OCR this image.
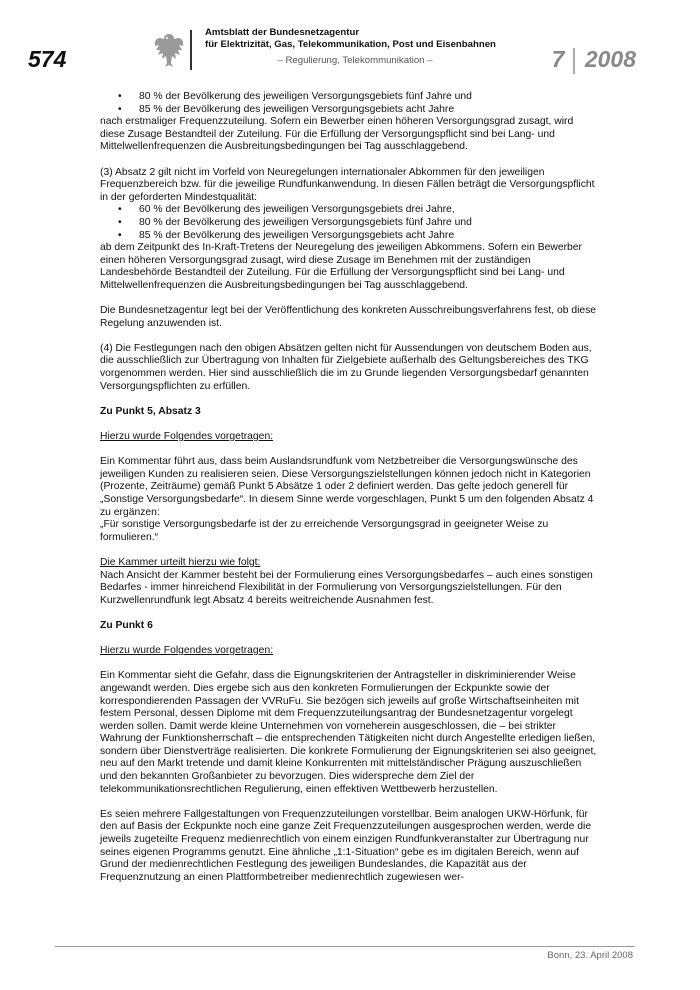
574
Amtsblatt der Bundesnetzagentur
für Elektrizität, Gas, Telekommunikation, Post und Eisenbahnen
– Regulierung, Telekommunikation –	7 2008
• 80 % der Bevölkerung des jeweiligen Versorgungsgebiets fünf Jahre und
• 85 % der Bevölkerung des jeweiligen Versorgungsgebiets acht Jahre

nach erstmaliger Frequenzzuteilung. Sofern ein Bewerber einen höheren Versorgungsgrad zusagt, wird diese Zusage Bestandteil der Zuteilung. Für die Erfüllung der Versorgungspflicht sind bei Lang- und Mittelwellenfrequenzen die Ausbreitungsbedingungen bei Tag ausschlaggebend.

(3) Absatz 2 gilt nicht im Vorfeld von Neuregelungen internationaler Abkommen für den jeweiligen Frequenzbereich bzw. für die jeweilige Rundfunkanwendung. In diesen Fällen beträgt die Versorgungspflicht in der geforderten Mindestqualität:

• 60 % der Bevölkerung des jeweiligen Versorgungsgebiets drei Jahre,
• 80 % der Bevölkerung des jeweiligen Versorgungsgebiets fünf Jahre und
• 85 % der Bevölkerung des jeweiligen Versorgungsgebiets acht Jahre

ab dem Zeitpunkt des In-Kraft-Tretens der Neuregelung des jeweiligen Abkommens. Sofern ein Bewerber einen höheren Versorgungsgrad zusagt, wird diese Zusage im Benehmen mit der zuständigen Landesbehörde Bestandteil der Zuteilung. Für die Erfüllung der Versorgungspflicht sind bei Lang- und Mittelwellenfrequenzen die Ausbreitungsbedingungen bei Tag ausschlaggebend.

Die Bundesnetzagentur legt bei der Veröffentlichung des konkreten Ausschreibungsverfahrens fest, ob diese Regelung anzuwenden ist.

(4) Die Festlegungen nach den obigen Absätzen gelten nicht für Aussendungen von deutschem Boden aus, die ausschließlich zur Übertragung von Inhalten für Zielgebiete außerhalb des Geltungsbereiches des TKG vorgenommen werden. Hier sind ausschließlich die im zu Grunde liegenden Versorgungsbedarf genannten Versorgungspflichten zu erfüllen.

Zu Punkt 5, Absatz 3

Hierzu wurde Folgendes vorgetragen:

Ein Kommentar führt aus, dass beim Auslandsrundfunk vom Netzbetreiber die Versorgungswünsche des jeweiligen Kunden zu realisieren seien. Diese Versorgungszielstellungen können jedoch nicht in Kategorien (Prozente, Zeiträume) gemäß Punkt 5 Absätze 1 oder 2 definiert werden. Das gelte jedoch generell für „Sonstige Versorgungsbedarfe“. In diesem Sinne werde vorgeschlagen, Punkt 5 um den folgenden Absatz 4 zu ergänzen:

„Für sonstige Versorgungsbedarfe ist der zu erreichende Versorgungsgrad in geeigneter Weise zu formulieren.“

Die Kammer urteilt hierzu wie folgt:

Nach Ansicht der Kammer besteht bei der Formulierung eines Versorgungsbedarfes – auch eines sonstigen Bedarfes - immer hinreichend Flexibilität in der Formulierung von Versorgungszielstellungen. Für den Kurzwellenrundfunk legt Absatz 4 bereits weitreichende Ausnahmen fest.

Zu Punkt 6

Hierzu wurde Folgendes vorgetragen:

Ein Kommentar sieht die Gefahr, dass die Eignungskriterien der Antragsteller in diskriminierender Weise angewandt werden. Dies ergebe sich aus den konkreten Formulierungen der Eckpunkte sowie der korrespondierenden Passagen der VVRuFu. Sie bezögen sich jeweils auf große Wirtschaftseinheiten mit festem Personal, dessen Diplome mit dem Frequenzzuteilungsantrag der Bundesnetzagentur vorgelegt werden sollen. Damit werde kleine Unternehmen von vorneherein ausgeschlossen, die – bei strikter Wahrung der Funktionsherrschaft – die entsprechenden Tätigkeiten nicht durch Angestellte erledigen ließen, sondern über Dienstverträge realisierten. Die konkrete Formulierung der Eignungskriterien sei also geeignet, neu auf den Markt tretende und damit kleine Konkurrenten mit mittelständischer Prägung auszuschließen und den bekannten Großanbieter zu bevorzugen. Dies widerspreche dem Ziel der telekommunikationsrechtlichen Regulierung, einen effektiven Wettbewerb herzustellen.

Es seien mehrere Fallgestaltungen von Frequenzzuteilungen vorstellbar. Beim analogen UKW-Hörfunk, für den auf Basis der Eckpunkte noch eine ganze Zeit Frequenzzuteilungen ausgesprochen werden, werde die jeweils zugeteilte Frequenz medienrechtlich von einem einzigen Rundfunkveranstalter zur Übertragung nur seines eigenen Programms genutzt. Eine ähnliche „1:1-Situation“ gebe es im digitalen Bereich, wenn auf Grund der medienrechtlichen Festlegung des jeweiligen Bundeslandes, die Kapazität aus der Frequenznutzung an einen Plattformbetreiber medienrechtlich zugewiesen wer-

Bonn, 23. April 2008
